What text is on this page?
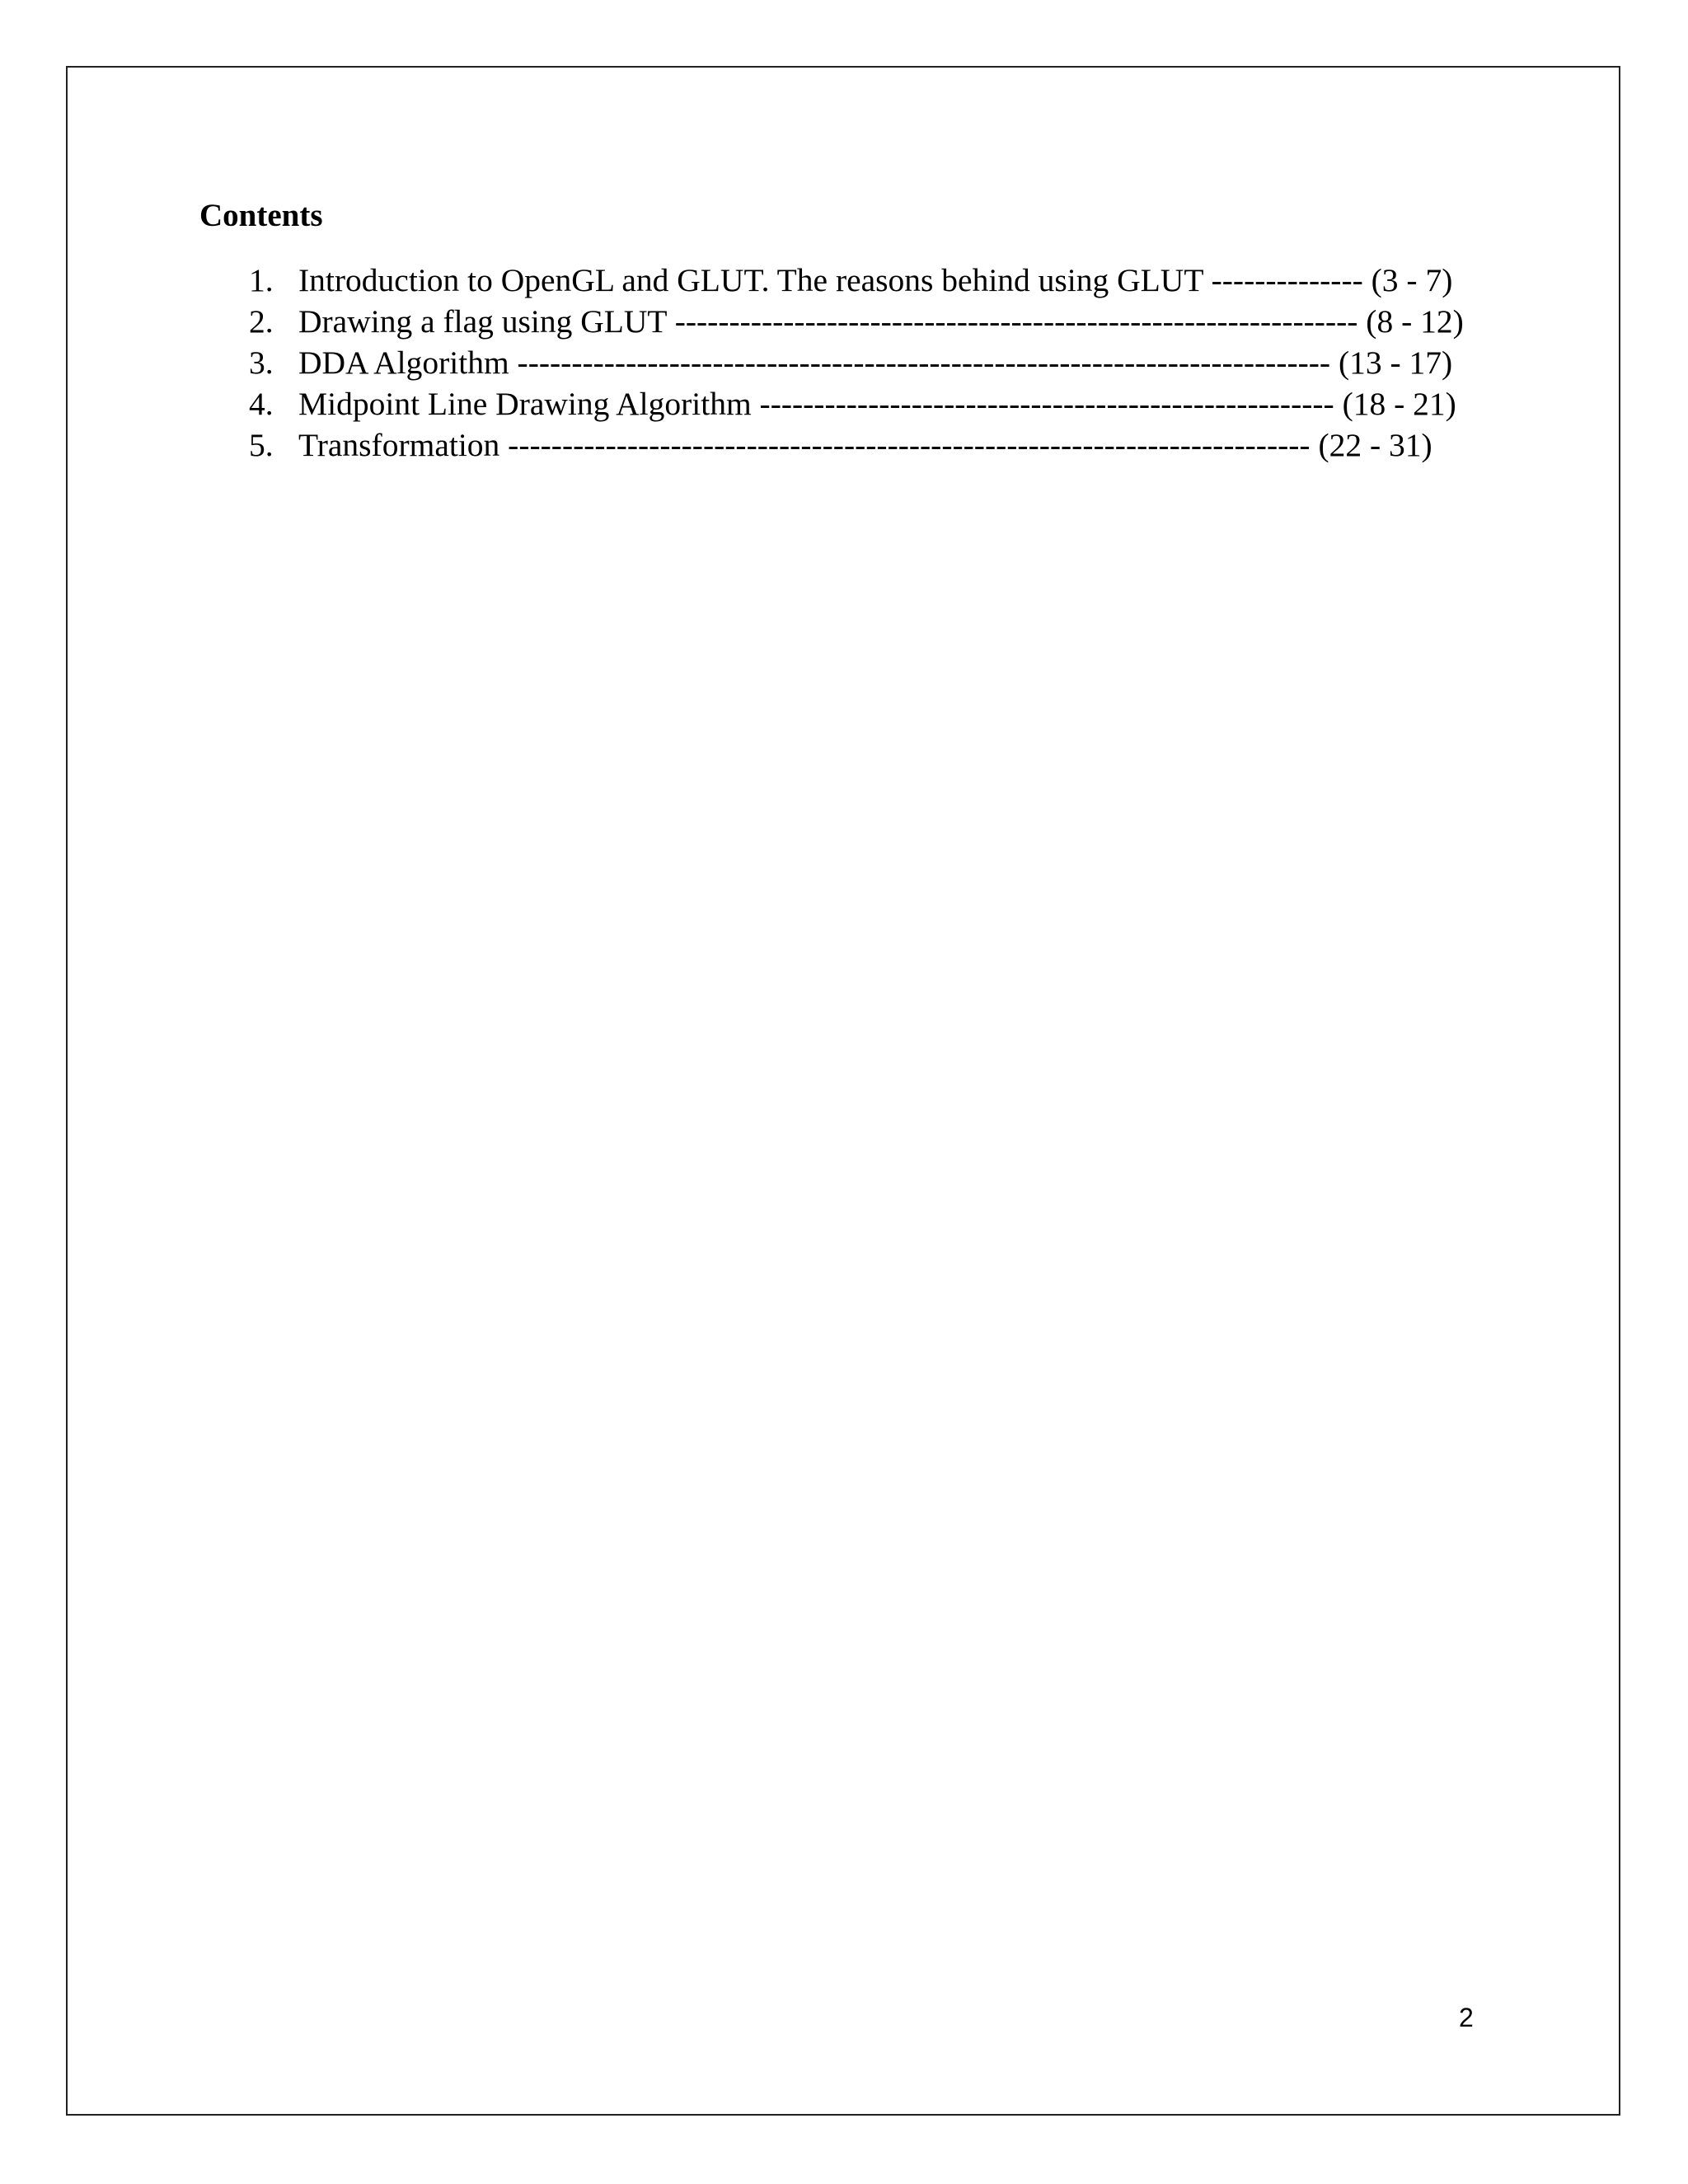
Contents
1. Introduction to OpenGL and GLUT. The reasons behind using GLUT -------------- (3 - 7)
2. Drawing a flag using GLUT --------------------------------------------------------------- (8 - 12)
3. DDA Algorithm --------------------------------------------------------------------------- (13 - 17)
4. Midpoint Line Drawing Algorithm ----------------------------------------------------- (18 - 21)
5. Transformation -------------------------------------------------------------------------- (22 - 31)
2
